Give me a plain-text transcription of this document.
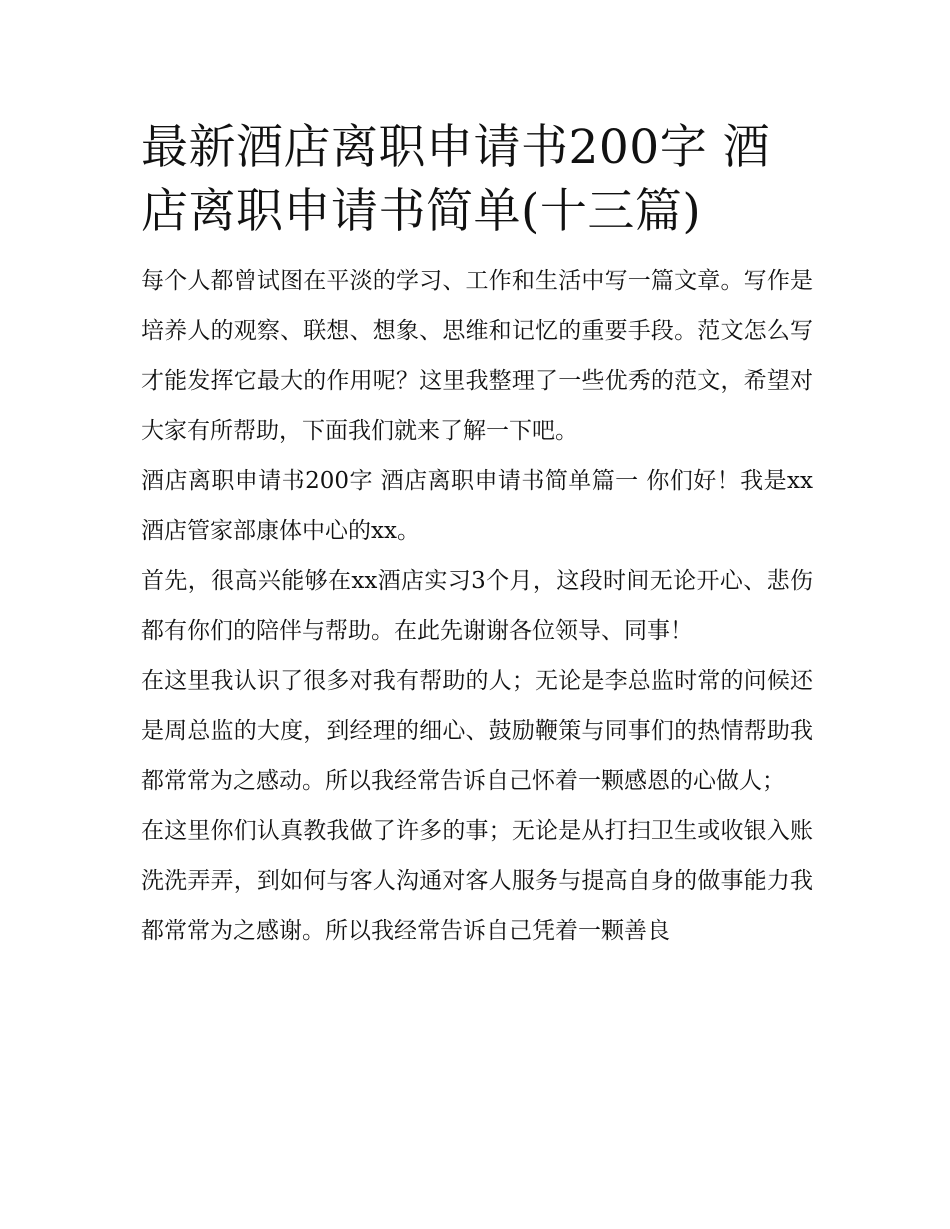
最新酒店离职申请书200字 酒店离职申请书简单(十三篇)

每个人都曾试图在平淡的学习、工作和生活中写一篇文章。写作是培养人的观察、联想、想象、思维和记忆的重要手段。范文怎么写才能发挥它最大的作用呢？这里我整理了一些优秀的范文，希望对大家有所帮助，下面我们就来了解一下吧。

酒店离职申请书200字 酒店离职申请书简单篇一 你们好！我是xx酒店管家部康体中心的xx。

首先，很高兴能够在xx酒店实习3个月，这段时间无论开心、悲伤都有你们的陪伴与帮助。在此先谢谢各位领导、同事！

在这里我认识了很多对我有帮助的人；无论是李总监时常的问候还是周总监的大度，到经理的细心、鼓励鞭策与同事们的热情帮助我都常常为之感动。所以我经常告诉自己怀着一颗感恩的心做人；

在这里你们认真教我做了许多的事；无论是从打扫卫生或收银入账洗洗弄弄，到如何与客人沟通对客人服务与提高自身的做事能力我都常常为之感谢。所以我经常告诉自己凭着一颗善良
